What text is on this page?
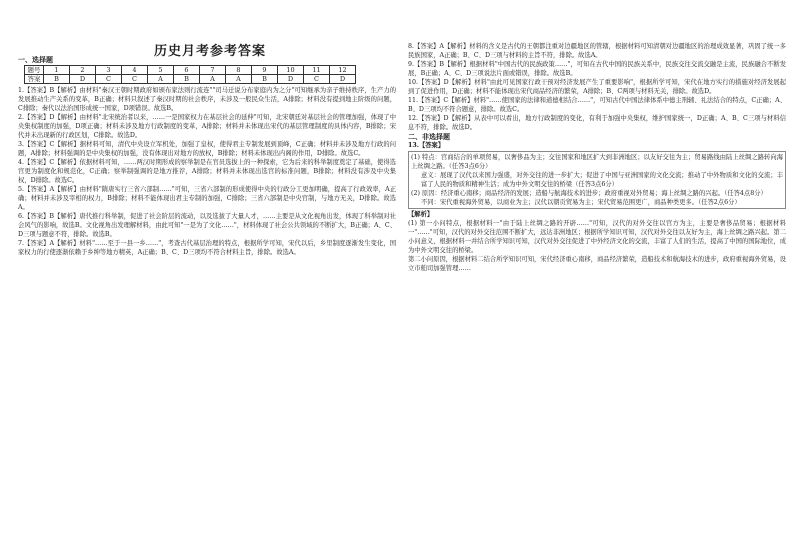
历史月考参考答案

一、选择题

题号	1	2	3	4	5	6	7	8	9	10	11	12
答案	B	D	C	C	A	B	A	A	B	D	C	D

1.【答案】B【解析】由材料"秦汉王朝时期政府如颁布家法则行流连""司马迁说分布家庭内为之分"可知继承为亲子维持秩序，生产力的发展推动生产关系的变革，B正确；材料只叙述了秦汉时期的社会秩序，未涉及一般民众生活，A排除；材料没有提到地主阶级的问题，C排除；秦代以法治国形成统一国家，D项错误。故选B。

2.【答案】D【解析】由材料"北宋统治者以来，……一是国家权力在基层社会的延伸"可知，北宋朝廷对基层社会的管理加强，体现了中央集权制度的加强，D项正确；材料未涉及地方行政制度的变革，A排除；材料并未体现出宋代的基层管理制度的具体内容，B排除；宋代并未出现新的行政区划，C排除。故选D。

3.【答案】C【解析】据材料可知，清代中央设立军机处，加强了皇权，使得君主专制发展到顶峰，C正确；材料并未涉及地方行政的问题，A排除；材料强调的是中央集权的加强，没有体现出对地方的放权，B排除；材料未体现出内阁的作用，D排除。故选C。

4.【答案】C【解析】依据材料可知，……两汉时期形成的察举制是在官员选拔上的一种探索，它为后来的科举制度奠定了基础，使得选官更为制度化和规范化，C正确；察举制强调的是地方推荐，A排除；材料并未体现出选官的标准问题，B排除；材料没有涉及中央集权，D排除。故选C。

5.【答案】A【解析】由材料"隋唐实行三省六部制……"可知，三省六部制的形成使得中央的行政分工更加明确，提高了行政效率，A正确；材料并未涉及宰相的权力，B排除；材料不能体现出君主专制的加强，C排除；三省六部制是中央官制，与地方无关，D排除。故选A。

6.【答案】B【解析】唐代推行科举制，促进了社会阶层的流动，以及选拔了大量人才，……主要是从文化视角出发，体现了科举制对社会风气的影响，故选B。文化视角出发理解材料，由此可知"一是为了文化……"，材料体现了社会公共领域的不断扩大，B正确；A、C、D三项与题意不符，排除。故选B。

7.【答案】A【解析】材料"……至于一县一乡……"，考查古代基层治理的特点，根据所学可知，宋代以后，乡里制度逐渐发生变化，国家权力的行使逐渐依赖于乡绅等地方精英，A正确；B、C、D三项均不符合材料主旨，排除。故选A。

8.【答案】A【解析】材料的含义是古代的王朝都注重对边疆地区的管辖，根据材料可知清朝对边疆地区的治理成效显著，巩固了统一多民族国家，A正确；B、C、D三项与材料的主旨不符，排除。故选A。

9.【答案】B【解析】根据材料"中国古代的民族政策……"，可知在古代中国的民族关系中，民族交往交流交融是主流，民族融合不断发展，B正确；A、C、D三项说法片面或错误，排除。故选B。

10.【答案】D【解析】材料"由此可见国家行政干预对经济发展产生了重要影响"，根据所学可知，宋代在地方实行的措施对经济发展起到了促进作用，D正确；材料不能体现出宋代商品经济的繁荣，A排除；B、C两项与材料无关，排除。故选D。

11.【答案】C【解析】材料"……使国家的法律和道德相结合……"，可知古代中国法律体系中德主刑辅、礼法结合的特点，C正确；A、B、D三项均不符合题意，排除。故选C。

12.【答案】D【解析】从表中可以看出，地方行政制度的变化，有利于加强中央集权，维护国家统一，D正确；A、B、C三项与材料信息不符，排除。故选D。

二、非选择题

13.【答案】

(1) 特点：官商结合的单项贸易，以奢侈品为主；交往国家和地区扩大到非洲地区；以友好交往为主；贸易路线由陆上丝绸之路转向海上丝绸之路。（任答3点6分）

意义：展现了汉代以来国力强盛，对外交往的进一步扩大；促进了中国与亚洲国家的文化交流；推动了中外物质和文化的交流；丰富了人民的物质和精神生活；成为中外文明交往的桥梁（任答3点6分）

(2) 原因：经济重心南移；商品经济的发展；造船与航海技术的进步；政府重视对外贸易；海上丝绸之路的兴起。（任答4点8分）

不同：宋代重视海外贸易，以商业为主；汉代以朝贡贸易为主；宋代贸易范围更广，商品种类更多。（任答2点6分）

【解析】

(1) 第一小问特点，根据材料一"由于陆上丝绸之路的开辟……"可知，汉代的对外交往以官方为主，主要是奢侈品贸易；根据材料一"……"可知，汉代的对外交往范围不断扩大，远达非洲地区；根据所学知识可知，汉代对外交往以友好为主，海上丝绸之路兴起。第二小问意义，根据材料一并结合所学知识可知，汉代对外交往促进了中外经济文化的交流，丰富了人们的生活，提高了中国的国际地位，成为中外文明交往的桥梁。

第二小问原因，根据材料二结合所学知识可知，宋代经济重心南移，商品经济繁荣，造船技术和航海技术的进步，政府重视海外贸易，设立市舶司加强管理……
